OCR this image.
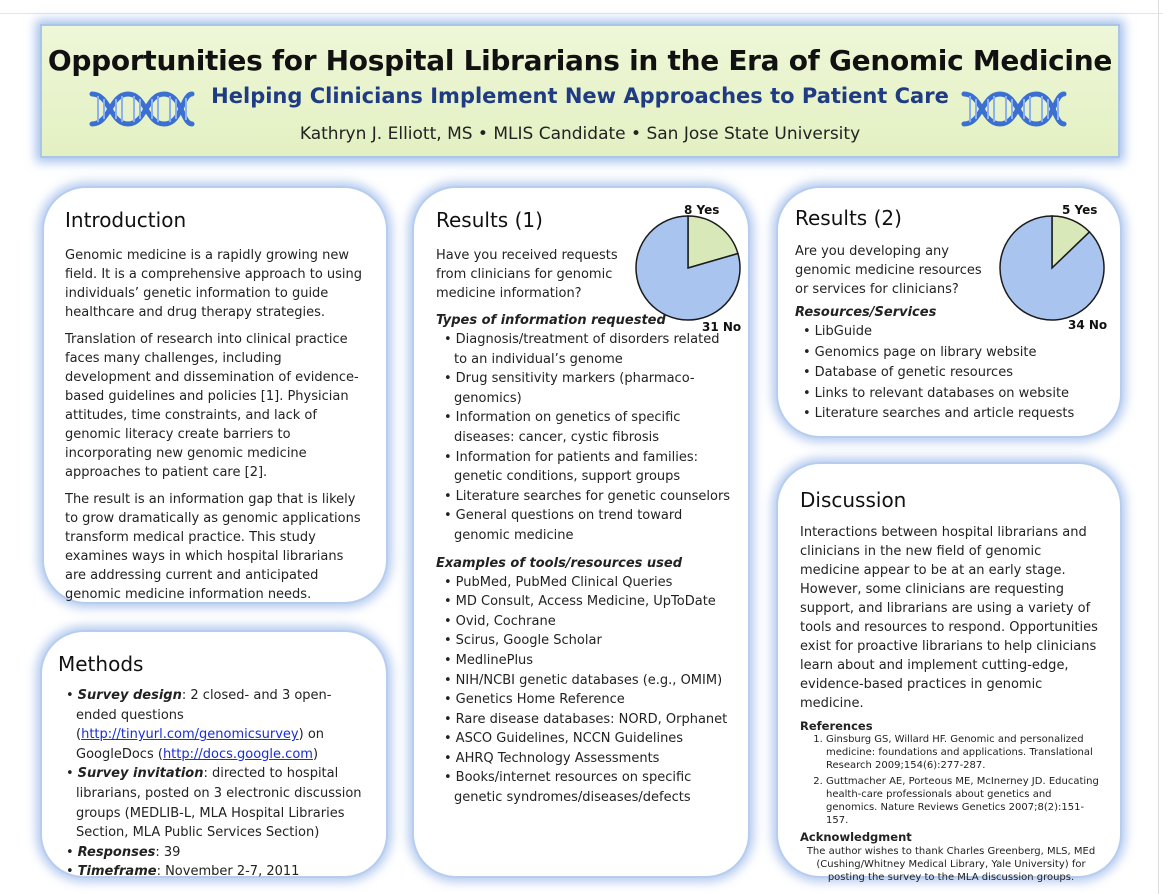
Opportunities for Hospital Librarians in the Era of Genomic Medicine
Helping Clinicians Implement New Approaches to Patient Care
Kathryn J. Elliott, MS • MLIS Candidate • San Jose State University
Introduction

Genomic medicine is a rapidly growing new field. It is a comprehensive approach to using individuals’ genetic information to guide healthcare and drug therapy strategies.

Translation of research into clinical practice faces many challenges, including development and dissemination of evidence-based guidelines and policies [1]. Physician attitudes, time constraints, and lack of genomic literacy create barriers to incorporating new genomic medicine approaches to patient care [2].

The result is an information gap that is likely to grow dramatically as genomic applications transform medical practice. This study examines ways in which hospital librarians are addressing current and anticipated genomic medicine information needs.

Methods
• Survey design: 2 closed- and 3 open-ended questions (http://tinyurl.com/genomicsurvey) on GoogleDocs (http://docs.google.com)
• Survey invitation: directed to hospital librarians, posted on 3 electronic discussion groups (MEDLIB-L, MLA Hospital Libraries Section, MLA Public Services Section)
• Responses: 39
• Timeframe: November 2-7, 2011
Results (1)

Have you received requests from clinicians for genomic medicine information?

Types of information requested
• Diagnosis/treatment of disorders related to an individual’s genome
• Drug sensitivity markers (pharmaco-genomics)
• Information on genetics of specific diseases: cancer, cystic fibrosis
• Information for patients and families: genetic conditions, support groups
• Literature searches for genetic counselors
• General questions on trend toward genomic medicine
Examples of tools/resources used
• PubMed, PubMed Clinical Queries
• MD Consult, Access Medicine, UpToDate
• Ovid, Cochrane
• Scirus, Google Scholar
• MedlinePlus
• NIH/NCBI genetic databases (e.g., OMIM)
• Genetics Home Reference
• Rare disease databases: NORD, Orphanet
• ASCO Guidelines, NCCN Guidelines
• AHRQ Technology Assessments
• Books/internet resources on specific genetic syndromes/diseases/defects
8 Yes
31 No
Results (2)

Are you developing any genomic medicine resources or services for clinicians?

Resources/Services
• LibGuide
• Genomics page on library website
• Database of genetic resources
• Links to relevant databases on website
• Literature searches and article requests
5 Yes
34 No
Discussion

Interactions between hospital librarians and clinicians in the new field of genomic medicine appear to be at an early stage. However, some clinicians are requesting support, and librarians are using a variety of tools and resources to respond. Opportunities exist for proactive librarians to help clinicians learn about and implement cutting-edge, evidence-based practices in genomic medicine.

References
1. Ginsburg GS, Willard HF. Genomic and personalized medicine: foundations and applications. Translational Research 2009;154(6):277-287.
2. Guttmacher AE, Porteous ME, McInerney JD. Educating health-care professionals about genetics and genomics. Nature Reviews Genetics 2007;8(2):151-157.
Acknowledgment
The author wishes to thank Charles Greenberg, MLS, MEd (Cushing/Whitney Medical Library, Yale University) for posting the survey to the MLA discussion groups.
